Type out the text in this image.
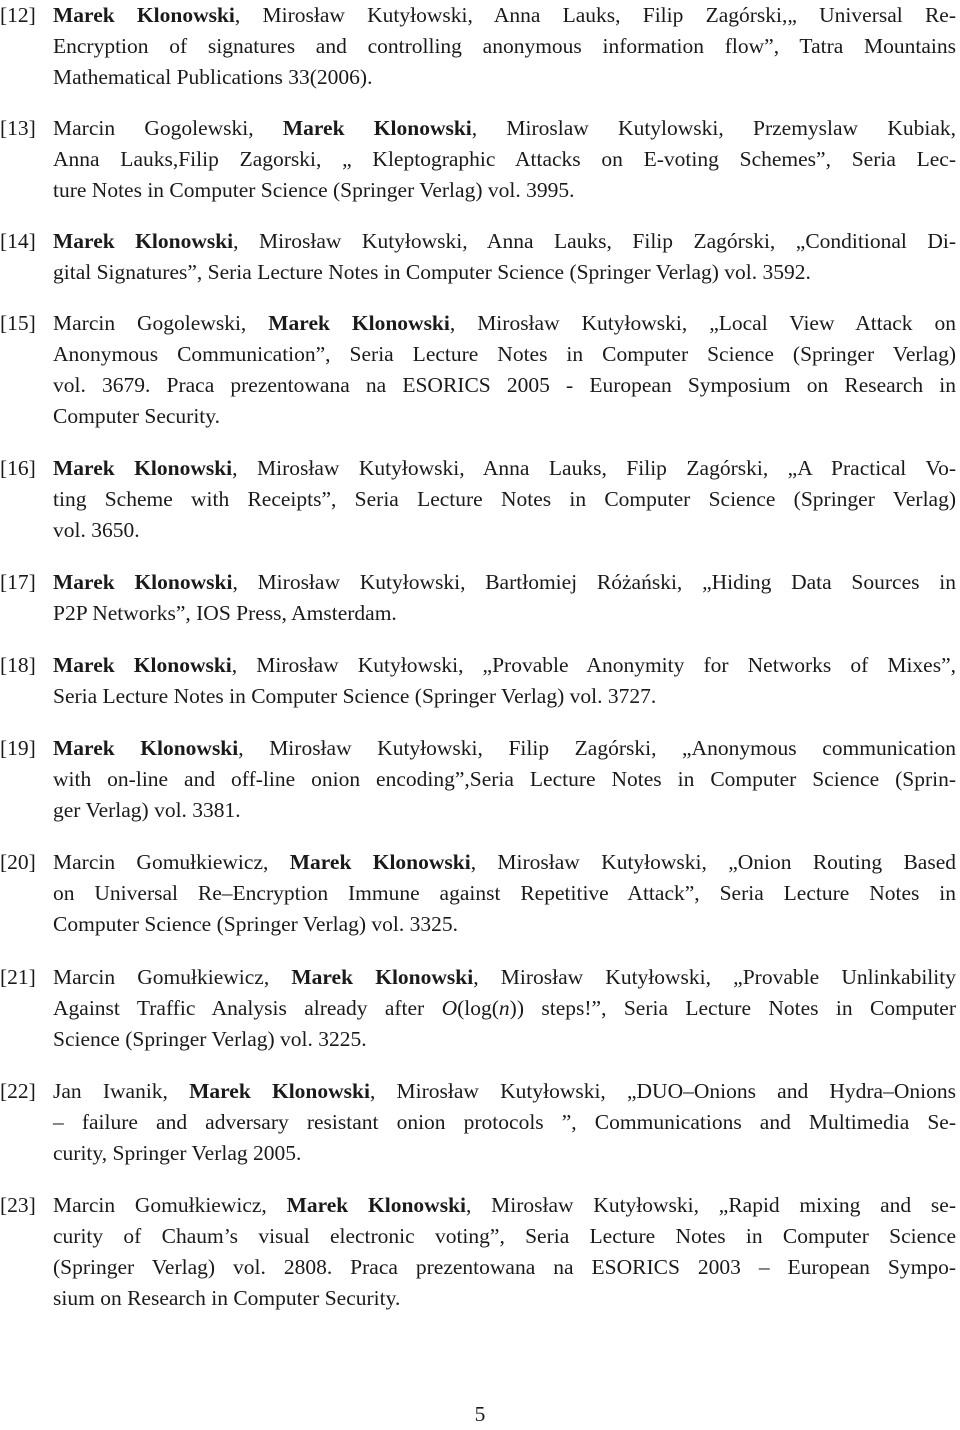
[12] Marek Klonowski, Mirosław Kutyłowski, Anna Lauks, Filip Zagórski,„ Universal Re-
Encryption of signatures and controlling anonymous information flow”, Tatra Mountains
Mathematical Publications 33(2006).
[13] Marcin Gogolewski, Marek Klonowski, Miroslaw Kutylowski, Przemyslaw Kubiak,
Anna Lauks,Filip Zagorski, „ Kleptographic Attacks on E-voting Schemes”, Seria Lec-
ture Notes in Computer Science (Springer Verlag) vol. 3995.
[14] Marek Klonowski, Mirosław Kutyłowski, Anna Lauks, Filip Zagórski, „Conditional Di-
gital Signatures”, Seria Lecture Notes in Computer Science (Springer Verlag) vol. 3592.
[15] Marcin Gogolewski, Marek Klonowski, Mirosław Kutyłowski, „Local View Attack on
Anonymous Communication”, Seria Lecture Notes in Computer Science (Springer Verlag)
vol. 3679. Praca prezentowana na ESORICS 2005 - European Symposium on Research in
Computer Security.
[16] Marek Klonowski, Mirosław Kutyłowski, Anna Lauks, Filip Zagórski, „A Practical Vo-
ting Scheme with Receipts”, Seria Lecture Notes in Computer Science (Springer Verlag)
vol. 3650.
[17] Marek Klonowski, Mirosław Kutyłowski, Bartłomiej Różański, „Hiding Data Sources in
P2P Networks”, IOS Press, Amsterdam.
[18] Marek Klonowski, Mirosław Kutyłowski, „Provable Anonymity for Networks of Mixes”,
Seria Lecture Notes in Computer Science (Springer Verlag) vol. 3727.
[19] Marek Klonowski, Mirosław Kutyłowski, Filip Zagórski, „Anonymous communication
with on-line and off-line onion encoding”,Seria Lecture Notes in Computer Science (Sprin-
ger Verlag) vol. 3381.
[20] Marcin Gomułkiewicz, Marek Klonowski, Mirosław Kutyłowski, „Onion Routing Based
on Universal Re–Encryption Immune against Repetitive Attack”, Seria Lecture Notes in
Computer Science (Springer Verlag) vol. 3325.
[21] Marcin Gomułkiewicz, Marek Klonowski, Mirosław Kutyłowski, „Provable Unlinkability
Against Traffic Analysis already after O(log(n)) steps!”, Seria Lecture Notes in Computer
Science (Springer Verlag) vol. 3225.
[22] Jan Iwanik, Marek Klonowski, Mirosław Kutyłowski, „DUO–Onions and Hydra–Onions
– failure and adversary resistant onion protocols ”, Communications and Multimedia Se-
curity, Springer Verlag 2005.
[23] Marcin Gomułkiewicz, Marek Klonowski, Mirosław Kutyłowski, „Rapid mixing and se-
curity of Chaum’s visual electronic voting”, Seria Lecture Notes in Computer Science
(Springer Verlag) vol. 2808. Praca prezentowana na ESORICS 2003 – European Sympo-
sium on Research in Computer Security.
5
